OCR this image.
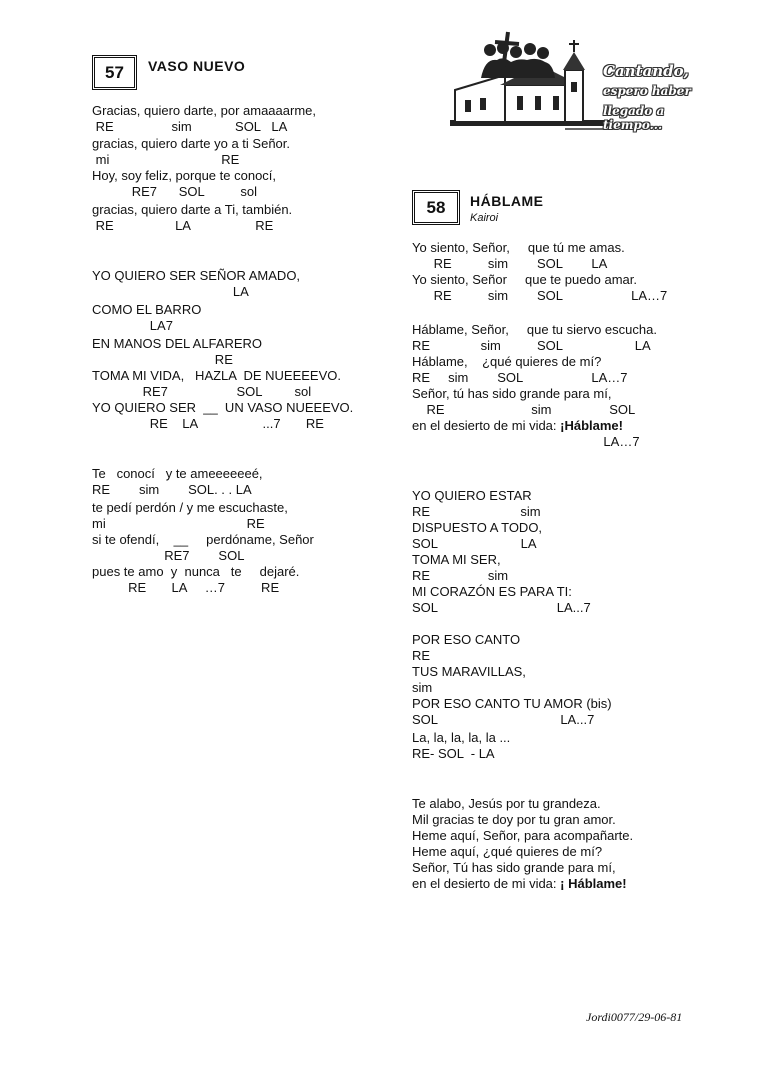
57	VASO NUEVO
Gracias, quiero darte, por amaaaarme,
RE                sim            SOL   LA
gracias, quiero darte yo a ti Señor.
mi                               RE
Hoy, soy feliz, porque te conocí,
RE7      SOL          sol
gracias, quiero darte a Ti, también.
RE                 LA                  RE
YO QUIERO SER SEÑOR AMADO,
LA
COMO EL BARRO
LA7
EN MANOS DEL ALFARERO
RE
TOMA MI VIDA,   HAZLA  DE NUEEEEVO.
RE7                   SOL         sol
YO QUIERO SER  __  UN VASO NUEEEVO.
RE    LA                  ...7       RE
Te   conocí   y te ameeeeeeé,
RE        sim        SOL. . . LA
te pedí perdón / y me escuchaste,
mi                                       RE
si te ofendí,    __     perdóname, Señor
RE7        SOL
pues te amo  y  nunca   te     dejaré.
RE       LA     …7          RE
Cantando,
espero haber
llegado a tiempo...
58	HÁBLAME
Kairoi
Yo siento, Señor,     que tú me amas.
RE          sim        SOL        LA
Yo siento, Señor     que te puedo amar.
RE          sim        SOL                   LA…7
Háblame, Señor,     que tu siervo escucha.
RE              sim          SOL                    LA
Háblame,    ¿qué quieres de mí?
RE     sim        SOL                   LA…7
Señor, tú has sido grande para mí,
RE                        sim                SOL
en el desierto de mi vida: ¡Háblame!
LA…7
YO QUIERO ESTAR
RE                         sim
DISPUESTO A TODO,
SOL                       LA
TOMA MI SER,
RE                sim
MI CORAZÓN ES PARA TI:
SOL                                 LA...7
POR ESO CANTO
RE
TUS MARAVILLAS,
sim
POR ESO CANTO TU AMOR (bis)
SOL                                  LA...7
La, la, la, la, la ...
RE- SOL  - LA
Te alabo, Jesús por tu grandeza.
Mil gracias te doy por tu gran amor.
Heme aquí, Señor, para acompañarte.
Heme aquí, ¿qué quieres de mí?
Señor, Tú has sido grande para mí,
en el desierto de mi vida: ¡ Háblame!
Jordi0077/29-06-81
